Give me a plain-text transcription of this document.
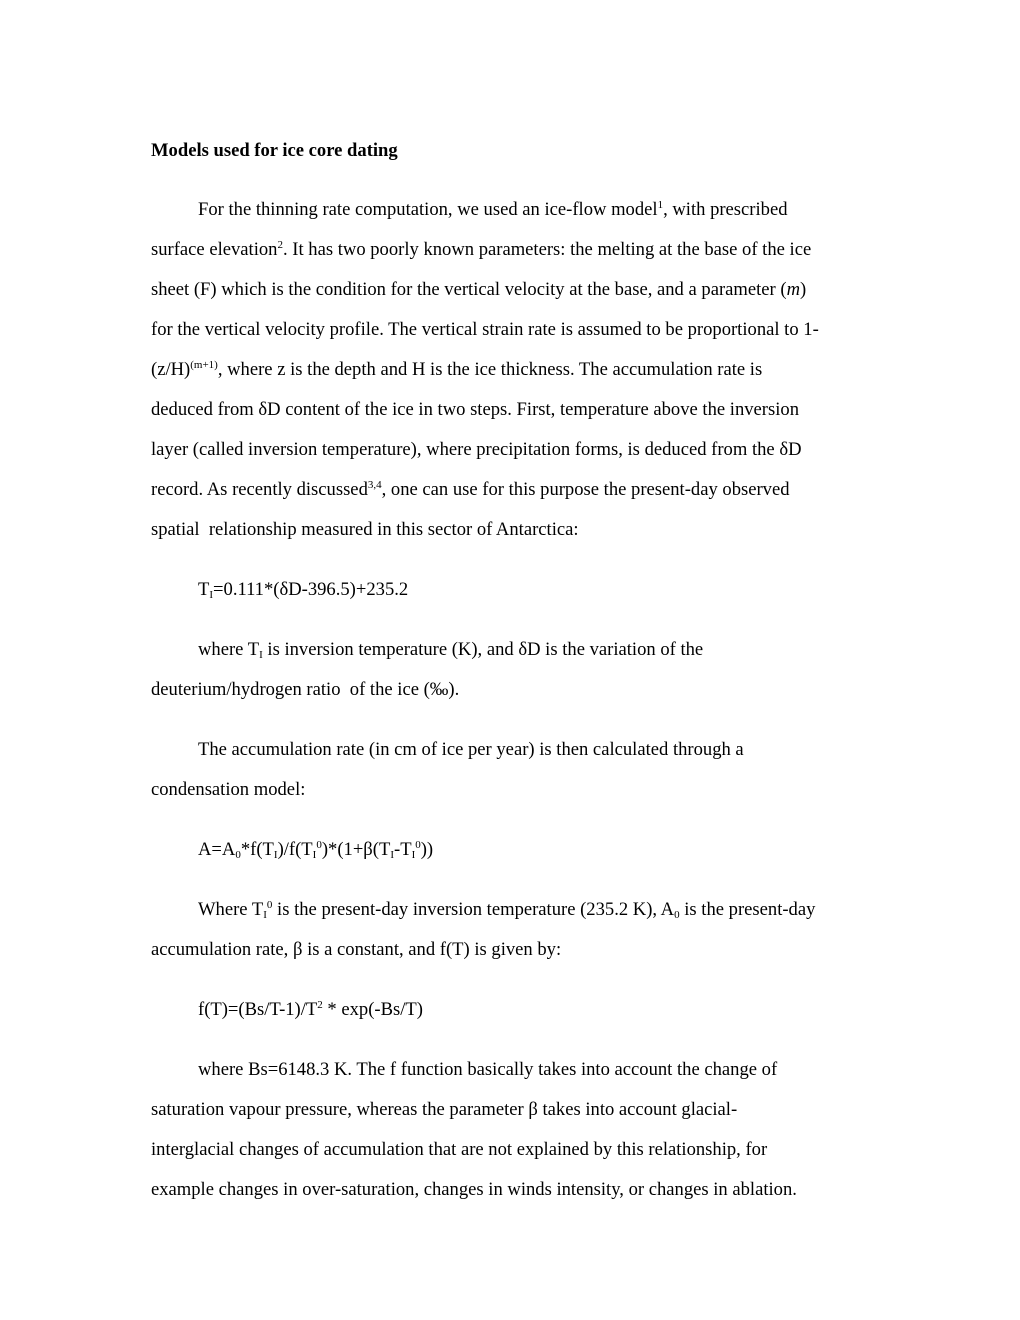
Models used for ice core dating
For the thinning rate computation, we used an ice-flow model$^1$, with prescribed
surface elevation$^2$. It has two poorly known parameters: the melting at the base of the ice
sheet (F) which is the condition for the vertical velocity at the base, and a parameter (m)
for the vertical velocity profile. The vertical strain rate is assumed to be proportional to 1-
$(z/H)^{(m+1)}$, where z is the depth and H is the ice thickness. The accumulation rate is
deduced from δD content of the ice in two steps. First, temperature above the inversion
layer (called inversion temperature), where precipitation forms, is deduced from the δD
record. As recently discussed$^{3,4}$, one can use for this purpose the present-day observed
spatial  relationship measured in this sector of Antarctica:
$T_I=0.111*(\delta D-396.5)+235.2$
where $T_I$ is inversion temperature (K), and δD is the variation of the
deuterium/hydrogen ratio  of the ice (‰).
The accumulation rate (in cm of ice per year) is then calculated through a
condensation model:
$A=A_0*f(T_I)/f(T_I^0)*(1+\beta(T_I-T_I^0))$
Where $T_I^0$ is the present-day inversion temperature (235.2 K), $A_0$ is the present-day
accumulation rate, β is a constant, and f(T) is given by:
$f(T)=(Bs/T-1)/T^2 * \exp(-Bs/T)$
where Bs=6148.3 K. The f function basically takes into account the change of
saturation vapour pressure, whereas the parameter β takes into account glacial-
interglacial changes of accumulation that are not explained by this relationship, for
example changes in over-saturation, changes in winds intensity, or changes in ablation.
